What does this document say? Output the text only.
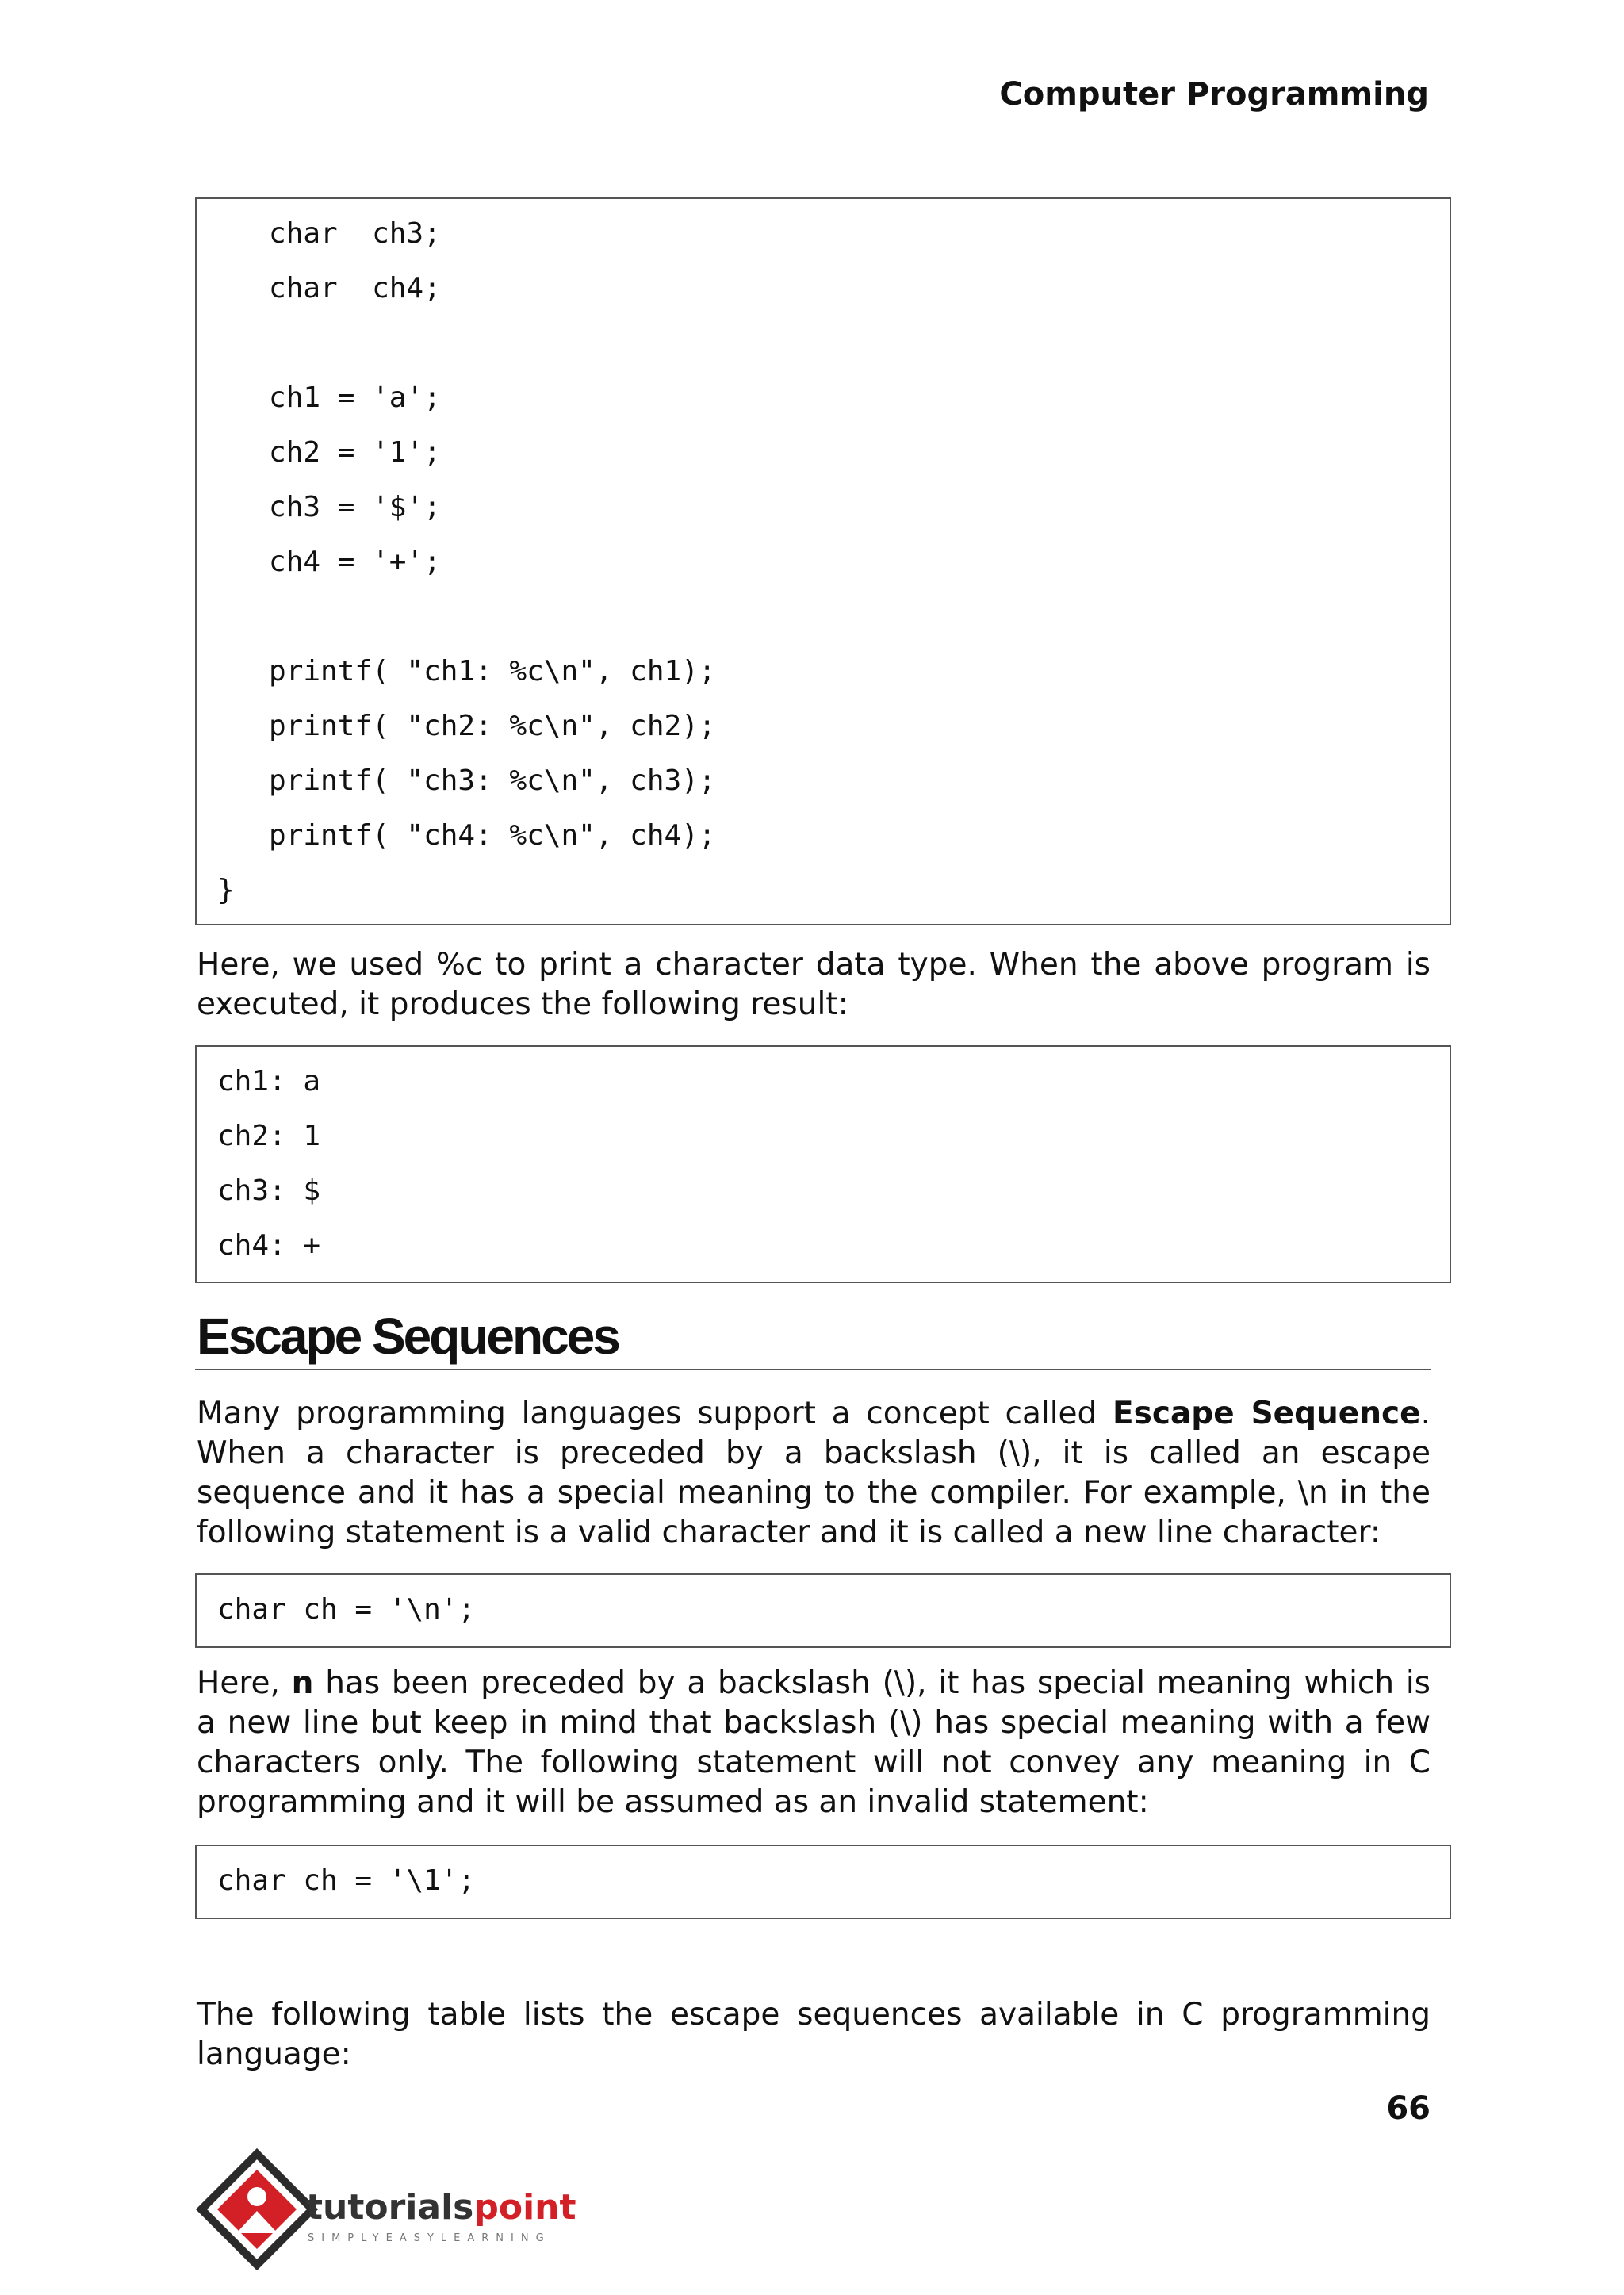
Computer Programming
char  ch3;
char  ch4;
ch1 = 'a';
ch2 = '1';
ch3 = '$';
ch4 = '+';
printf( "ch1: %c\n", ch1);
printf( "ch2: %c\n", ch2);
printf( "ch3: %c\n", ch3);
printf( "ch4: %c\n", ch4);
}
Here, we used %c to print a character data type. When the above program is executed, it produces the following result:
ch1: a
ch2: 1
ch3: $
ch4: +
Escape Sequences
Many programming languages support a concept called Escape Sequence. When a character is preceded by a backslash (\), it is called an escape sequence and it has a special meaning to the compiler. For example, \n in the following statement is a valid character and it is called a new line character:
char ch = '\n';
Here, n has been preceded by a backslash (\), it has special meaning which is a new line but keep in mind that backslash (\) has special meaning with a few characters only. The following statement will not convey any meaning in C programming and it will be assumed as an invalid statement:
char ch = '\1';
The following table lists the escape sequences available in C programming language:
66
tutorialspoint
SIMPLYEASYLEARNING
